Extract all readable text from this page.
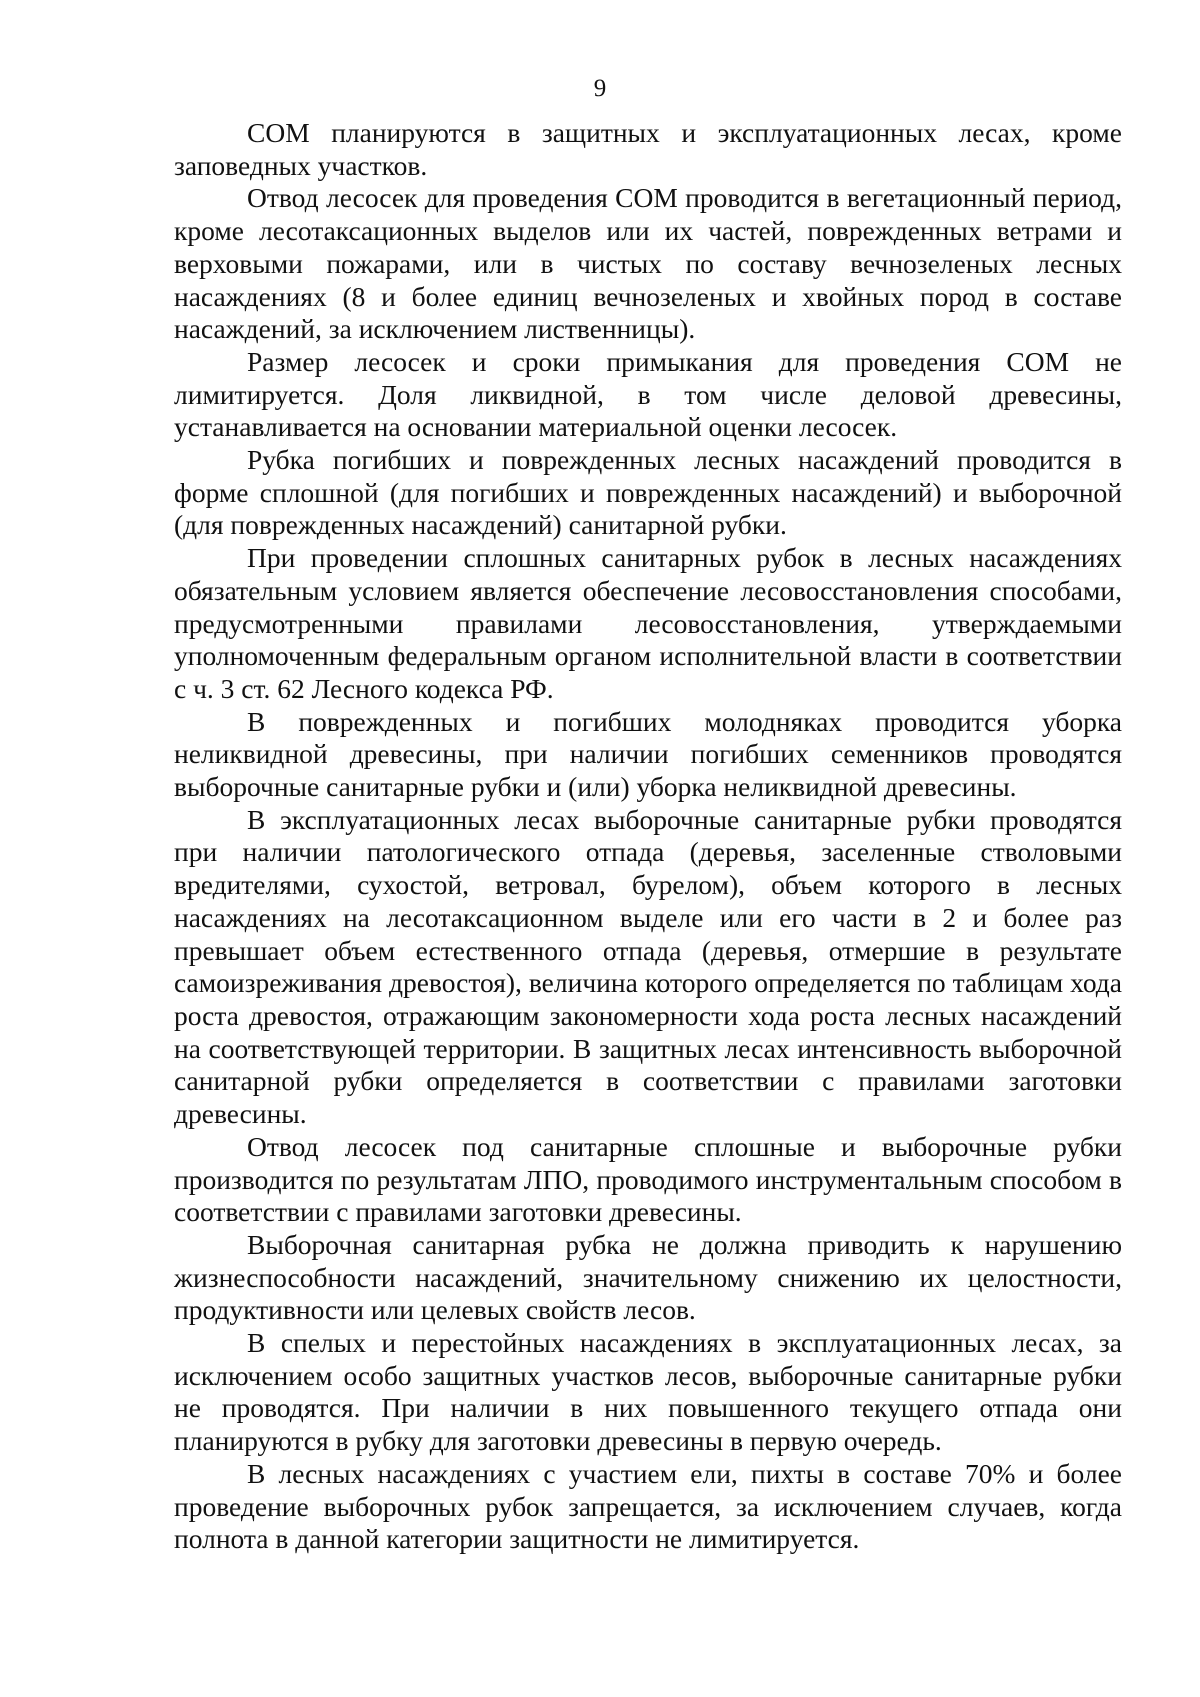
9

СОМ планируются в защитных и эксплуатационных лесах, кроме заповедных участков.

Отвод лесосек для проведения СОМ проводится в вегетационный период, кроме лесотаксационных выделов или их частей, поврежденных ветрами и верховыми пожарами, или в чистых по составу вечнозеленых лесных насаждениях (8 и более единиц вечнозеленых и хвойных пород в составе насаждений, за исключением лиственницы).

Размер лесосек и сроки примыкания для проведения СОМ не лимитируется. Доля ликвидной, в том числе деловой древесины, устанавливается на основании материальной оценки лесосек.

Рубка погибших и поврежденных лесных насаждений проводится в форме сплошной (для погибших и поврежденных насаждений) и выборочной (для поврежденных насаждений) санитарной рубки.

При проведении сплошных санитарных рубок в лесных насаждениях обязательным условием является обеспечение лесовосстановления способами, предусмотренными правилами лесовосстановления, утверждаемыми уполномоченным федеральным органом исполнительной власти в соответствии с ч. 3 ст. 62 Лесного кодекса РФ.

В поврежденных и погибших молодняках проводится уборка неликвидной древесины, при наличии погибших семенников проводятся выборочные санитарные рубки и (или) уборка неликвидной древесины.

В эксплуатационных лесах выборочные санитарные рубки проводятся при наличии патологического отпада (деревья, заселенные стволовыми вредителями, сухостой, ветровал, бурелом), объем которого в лесных насаждениях на лесотаксационном выделе или его части в 2 и более раз превышает объем естественного отпада (деревья, отмершие в результате самоизреживания древостоя), величина которого определяется по таблицам хода роста древостоя, отражающим закономерности хода роста лесных насаждений на соответствующей территории. В защитных лесах интенсивность выборочной санитарной рубки определяется в соответствии с правилами заготовки древесины.

Отвод лесосек под санитарные сплошные и выборочные рубки производится по результатам ЛПО, проводимого инструментальным способом в соответствии с правилами заготовки древесины.

Выборочная санитарная рубка не должна приводить к нарушению жизнеспособности насаждений, значительному снижению их целостности, продуктивности или целевых свойств лесов.

В спелых и перестойных насаждениях в эксплуатационных лесах, за исключением особо защитных участков лесов, выборочные санитарные рубки не проводятся. При наличии в них повышенного текущего отпада они планируются в рубку для заготовки древесины в первую очередь.

В лесных насаждениях с участием ели, пихты в составе 70% и более проведение выборочных рубок запрещается, за исключением случаев, когда полнота в данной категории защитности не лимитируется.
